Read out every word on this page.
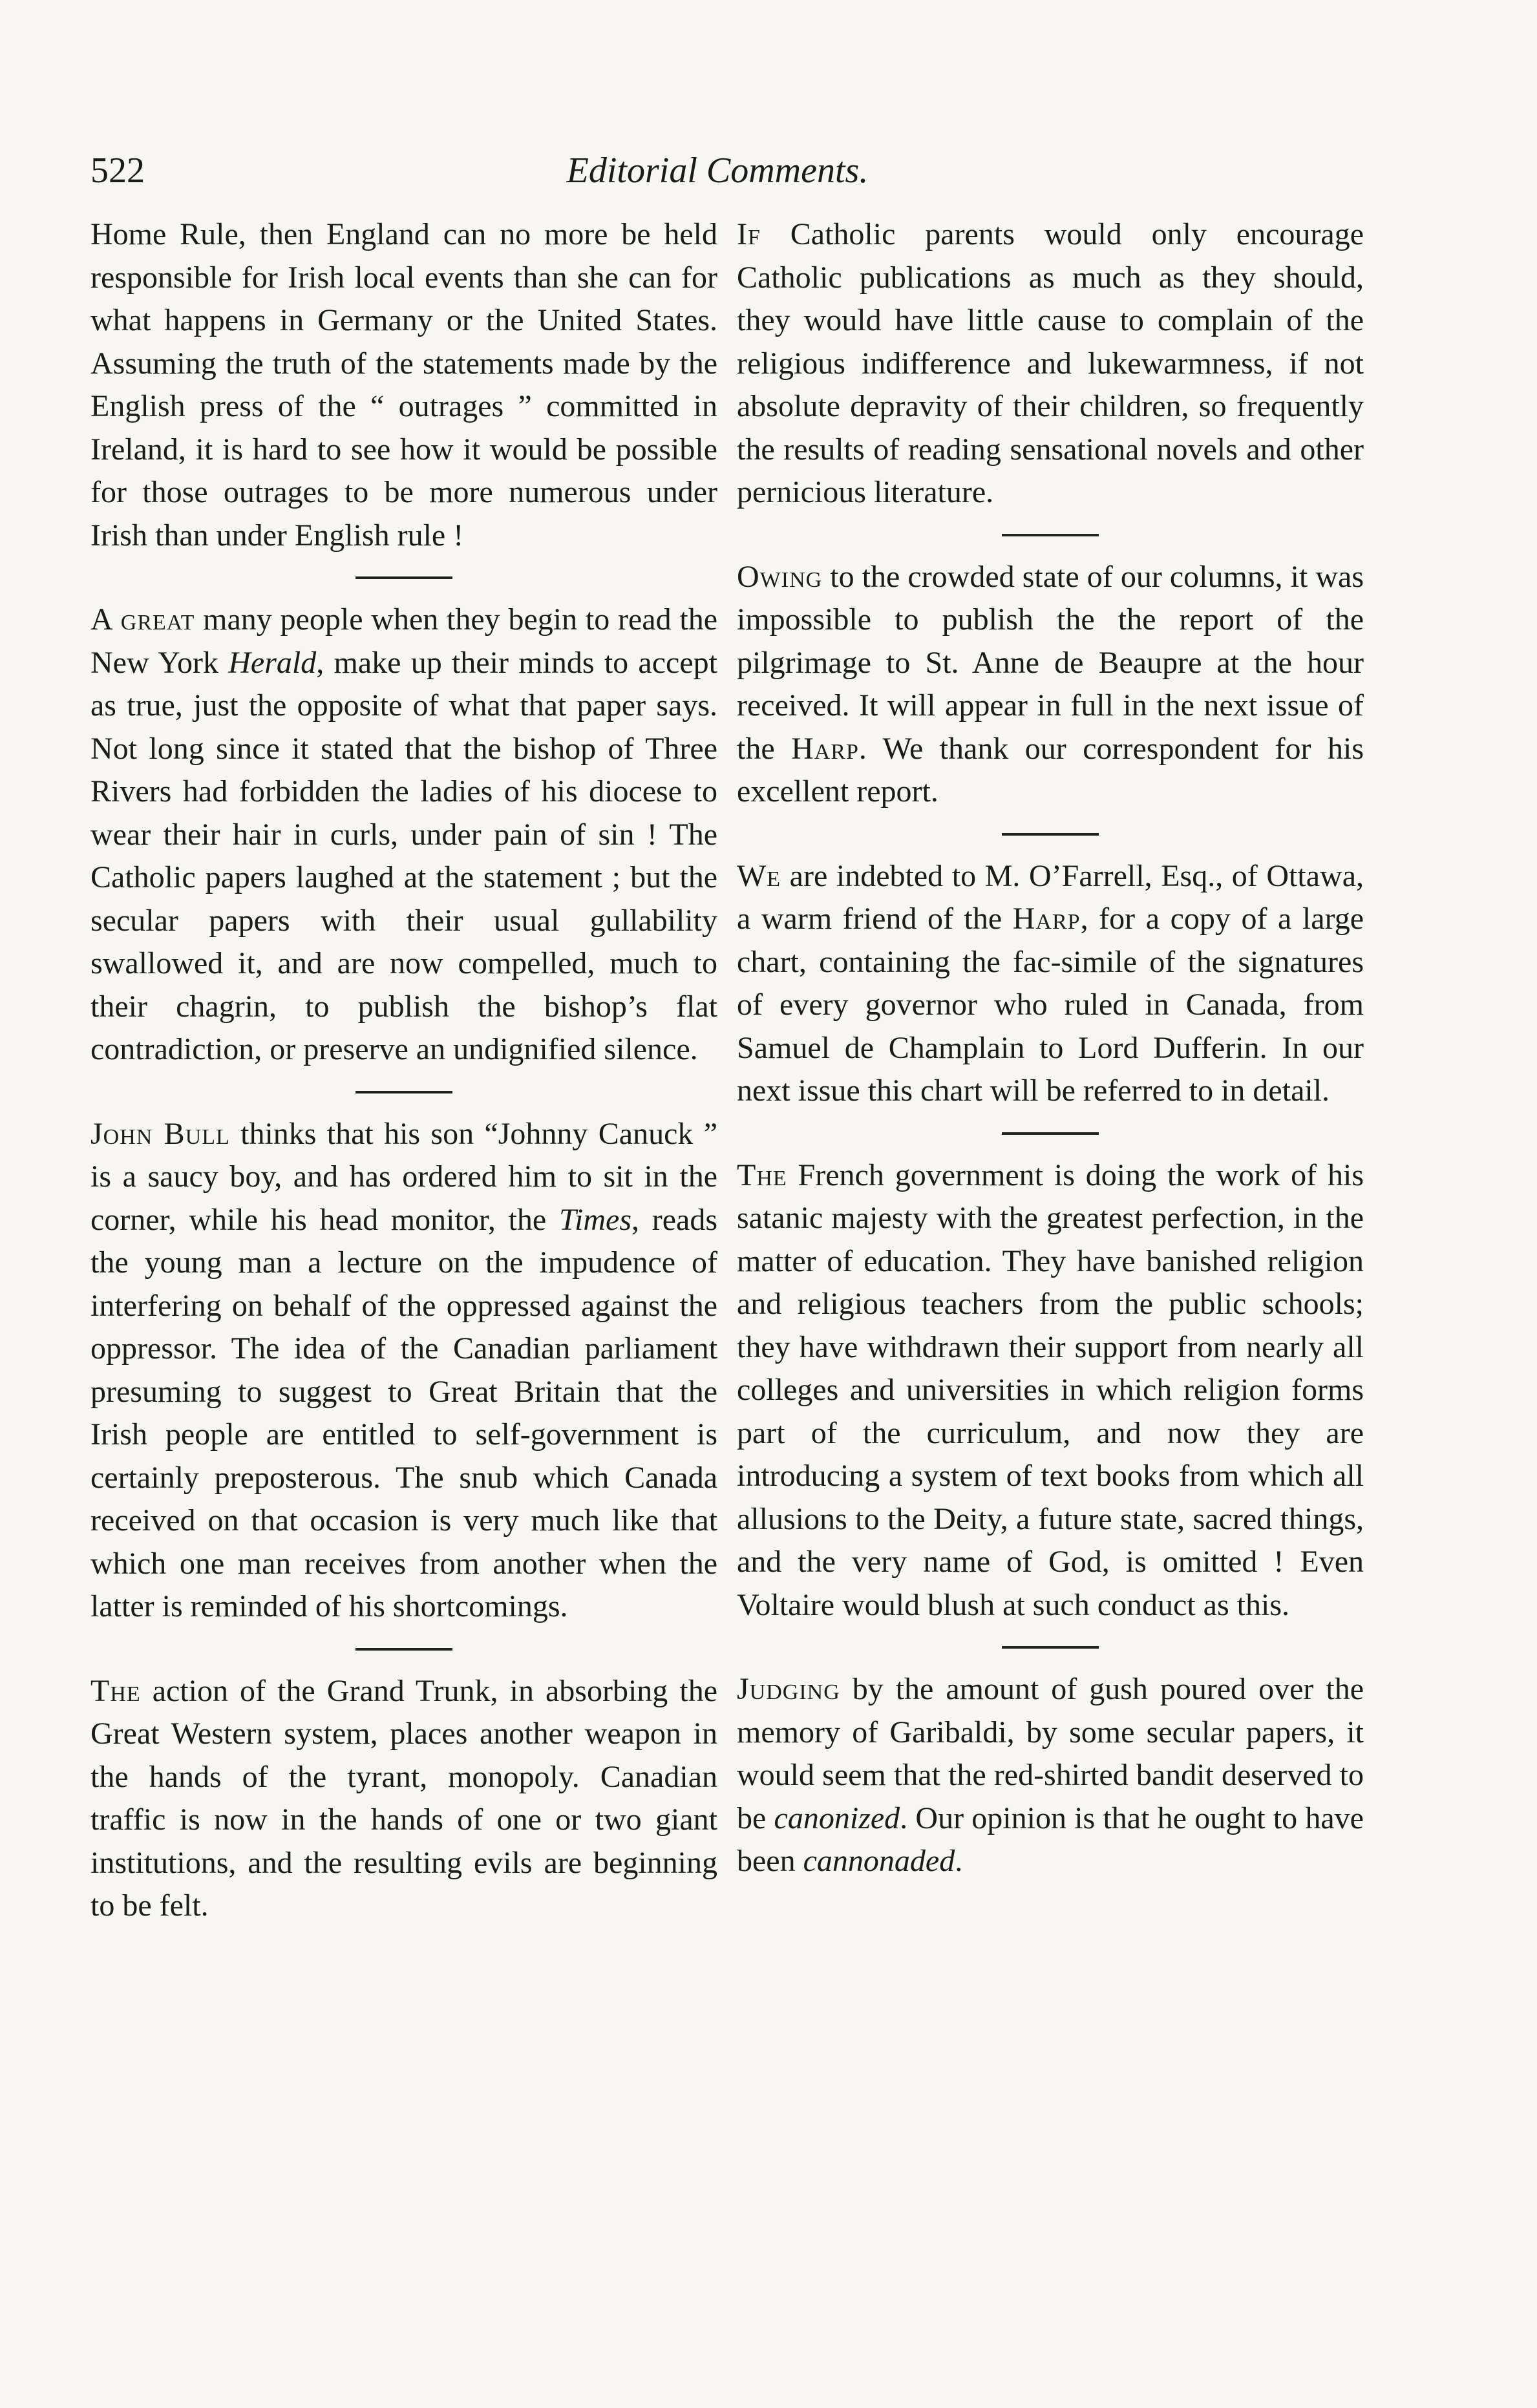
522	Editorial Comments.

Home Rule, then England can no more be held responsible for Irish local events than she can for what happens in Germany or the United States. Assuming the truth of the statements made by the English press of the “ outrages ” committed in Ireland, it is hard to see how it would be possible for those outrages to be more numerous under Irish than under English rule !

A great many people when they begin to read the New York Herald, make up their minds to accept as true, just the opposite of what that paper says. Not long since it stated that the bishop of Three Rivers had forbidden the ladies of his diocese to wear their hair in curls, under pain of sin ! The Catholic papers laughed at the statement ; but the secular papers with their usual gullability swallowed it, and are now compelled, much to their chagrin, to publish the bishop’s flat contradiction, or preserve an undignified silence.

John Bull thinks that his son “Johnny Canuck ” is a saucy boy, and has ordered him to sit in the corner, while his head monitor, the Times, reads the young man a lecture on the impudence of interfering on behalf of the oppressed against the oppressor. The idea of the Canadian parliament presuming to suggest to Great Britain that the Irish people are entitled to self-government is certainly preposterous. The snub which Canada received on that occasion is very much like that which one man receives from another when the latter is reminded of his shortcomings.

The action of the Grand Trunk, in absorbing the Great Western system, places another weapon in the hands of the tyrant, monopoly. Canadian traffic is now in the hands of one or two giant institutions, and the resulting evils are beginning to be felt.

If Catholic parents would only encourage Catholic publications as much as they should, they would have little cause to complain of the religious indifference and lukewarmness, if not absolute depravity of their children, so frequently the results of reading sensational novels and other pernicious literature.

Owing to the crowded state of our columns, it was impossible to publish the the report of the pilgrimage to St. Anne de Beaupre at the hour received. It will appear in full in the next issue of the Harp. We thank our correspondent for his excellent report.

We are indebted to M. O’Farrell, Esq., of Ottawa, a warm friend of the Harp, for a copy of a large chart, containing the fac-simile of the signatures of every governor who ruled in Canada, from Samuel de Champlain to Lord Dufferin. In our next issue this chart will be referred to in detail.

The French government is doing the work of his satanic majesty with the greatest perfection, in the matter of education. They have banished religion and religious teachers from the public schools; they have withdrawn their support from nearly all colleges and universities in which religion forms part of the curriculum, and now they are introducing a system of text books from which all allusions to the Deity, a future state, sacred things, and the very name of God, is omitted ! Even Voltaire would blush at such conduct as this.

Judging by the amount of gush poured over the memory of Garibaldi, by some secular papers, it would seem that the red-shirted bandit deserved to be canonized. Our opinion is that he ought to have been cannonaded.
